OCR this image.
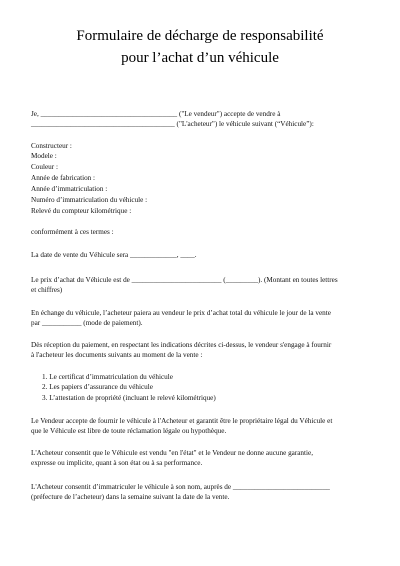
Formulaire de décharge de responsabilité
pour l’achat d’un véhicule
Je, ______________________________________ ("Le vendeur") accepte de vendre à
________________________________________ ("L'acheteur") le véhicule suivant (“Véhicule”):
Constructeur :
Modele :
Couleur :
Année de fabrication :
Année d’immatriculation :
Numéro d’immatriculation du véhicule :
Relevé du compteur kilométrique :
conformément à ces termes :
La date de vente du Véhicule sera _____________, ____.
Le prix d’achat du Véhicule est de _________________________ (_________). (Montant en toutes lettres
et chiffres)
En échange du véhicule, l’acheteur paiera au vendeur le prix d’achat total du véhicule le jour de la vente
par ___________ (mode de paiement).
Dès réception du paiement, en respectant les indications décrites ci-dessus, le vendeur s'engage à fournir
à l'acheteur les documents suivants au moment de la vente :
1. Le certificat d’immatriculation du véhicule
2. Les papiers d’assurance du véhicule
3. L’attestation de propriété (incluant le relevé kilométrique)
Le Vendeur accepte de fournir le véhicule à l'Acheteur et garantit être le propriétaire légal du Véhicule et
que le Véhicule est libre de toute réclamation légale ou hypothèque.
L'Acheteur consentit que le Véhicule est vendu "en l'état" et le Vendeur ne donne aucune garantie,
expresse ou implicite, quant à son état ou à sa performance.
L'Acheteur consentit d’immatriculer le véhicule à son nom, auprès de ___________________________
(préfecture de l’acheteur) dans la semaine suivant la date de la vente.
